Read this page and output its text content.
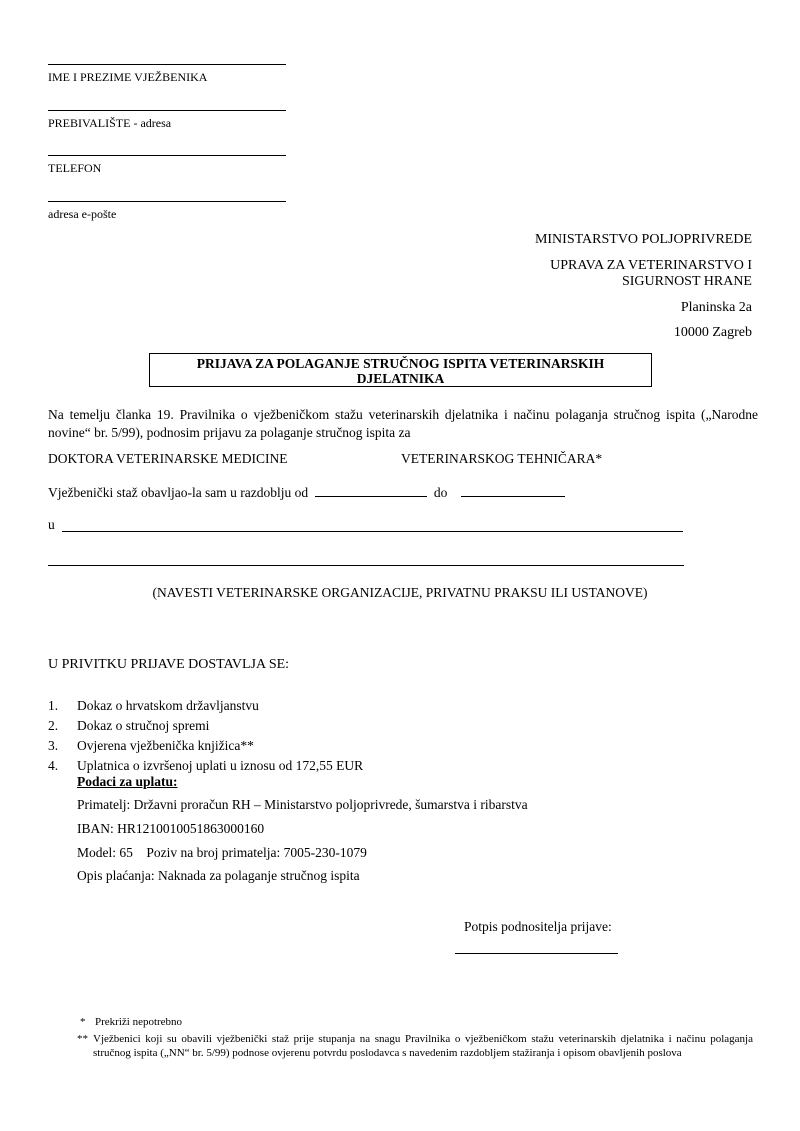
IME I PREZIME VJEŽBENIKA
PREBIVALIŠTE - adresa
TELEFON
adresa e-pošte
MINISTARSTVO POLJOPRIVREDE
UPRAVA ZA VETERINARSTVO I
SIGURNOST HRANE
Planinska 2a
10000 Zagreb
PRIJAVA ZA POLAGANJE STRUČNOG ISPITA VETERINARSKIH
DJELATNIKA
Na temelju članka 19. Pravilnika o vježbeničkom stažu veterinarskih djelatnika i načinu polaganja stručnog ispita („Narodne novine“ br. 5/99), podnosim prijavu za polaganje stručnog ispita za
DOKTORA VETERINARSKE MEDICINE	VETERINARSKOG TEHNIČARA*
Vježbenički staž obavljao-la sam u razdoblju od	do
u
(NAVESTI VETERINARSKE ORGANIZACIJE, PRIVATNU PRAKSU ILI USTANOVE)
U PRIVITKU PRIJAVE DOSTAVLJA SE:
1. Dokaz o hrvatskom državljanstvu
2. Dokaz o stručnoj spremi
3. Ovjerena vježbenička knjižica**
4. Uplatnica o izvršenoj uplati u iznosu od 172,55 EUR
Podaci za uplatu:
Primatelj: Državni proračun RH – Ministarstvo poljoprivrede, šumarstva i ribarstva
IBAN: HR1210010051863000160
Model: 65    Poziv na broj primatelja: 7005-230-1079
Opis plaćanja: Naknada za polaganje stručnog ispita
Potpis podnositelja prijave:
* Prekriži nepotrebno
** Vježbenici koji su obavili vježbenički staž prije stupanja na snagu Pravilnika o vježbeničkom stažu veterinarskih djelatnika i načinu polaganja stručnog ispita („NN“ br. 5/99) podnose ovjerenu potvrdu poslodavca s navedenim razdobljem stažiranja i opisom obavljenih poslova
